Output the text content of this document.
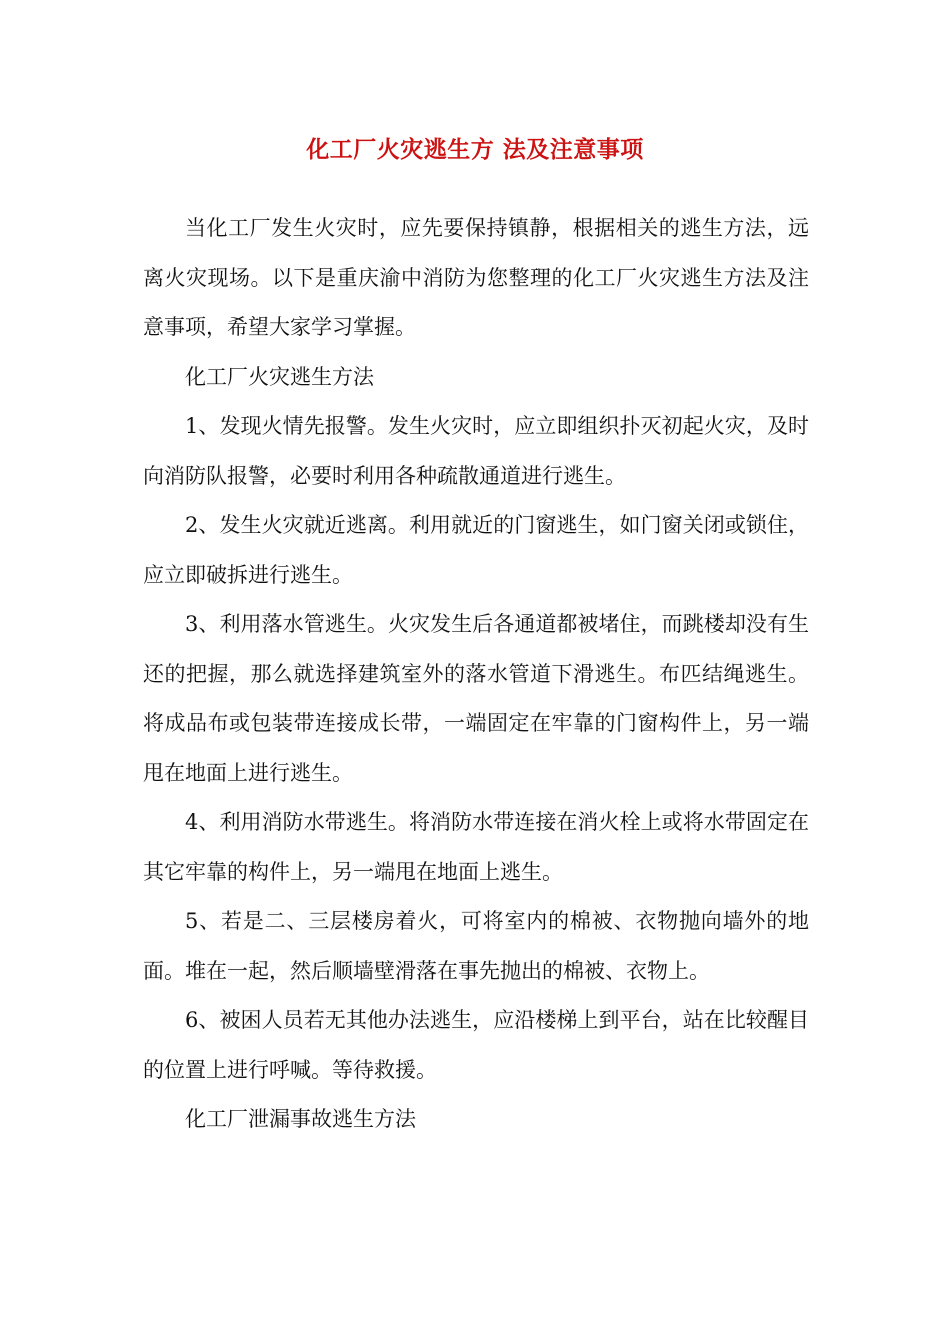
化工厂火灾逃生方 法及注意事项

当化工厂发生火灾时，应先要保持镇静，根据相关的逃生方法，远离火灾现场。以下是重庆渝中消防为您整理的化工厂火灾逃生方法及注意事项，希望大家学习掌握。

化工厂火灾逃生方法

1、发现火情先报警。发生火灾时，应立即组织扑灭初起火灾，及时向消防队报警，必要时利用各种疏散通道进行逃生。

2、发生火灾就近逃离。利用就近的门窗逃生，如门窗关闭或锁住，应立即破拆进行逃生。

3、利用落水管逃生。火灾发生后各通道都被堵住，而跳楼却没有生还的把握，那么就选择建筑室外的落水管道下滑逃生。布匹结绳逃生。将成品布或包装带连接成长带，一端固定在牢靠的门窗构件上，另一端甩在地面上进行逃生。

4、利用消防水带逃生。将消防水带连接在消火栓上或将水带固定在其它牢靠的构件上，另一端甩在地面上逃生。

5、若是二、三层楼房着火，可将室内的棉被、衣物抛向墙外的地面。堆在一起，然后顺墙壁滑落在事先抛出的棉被、衣物上。

6、被困人员若无其他办法逃生，应沿楼梯上到平台，站在比较醒目的位置上进行呼喊。等待救援。

化工厂泄漏事故逃生方法
